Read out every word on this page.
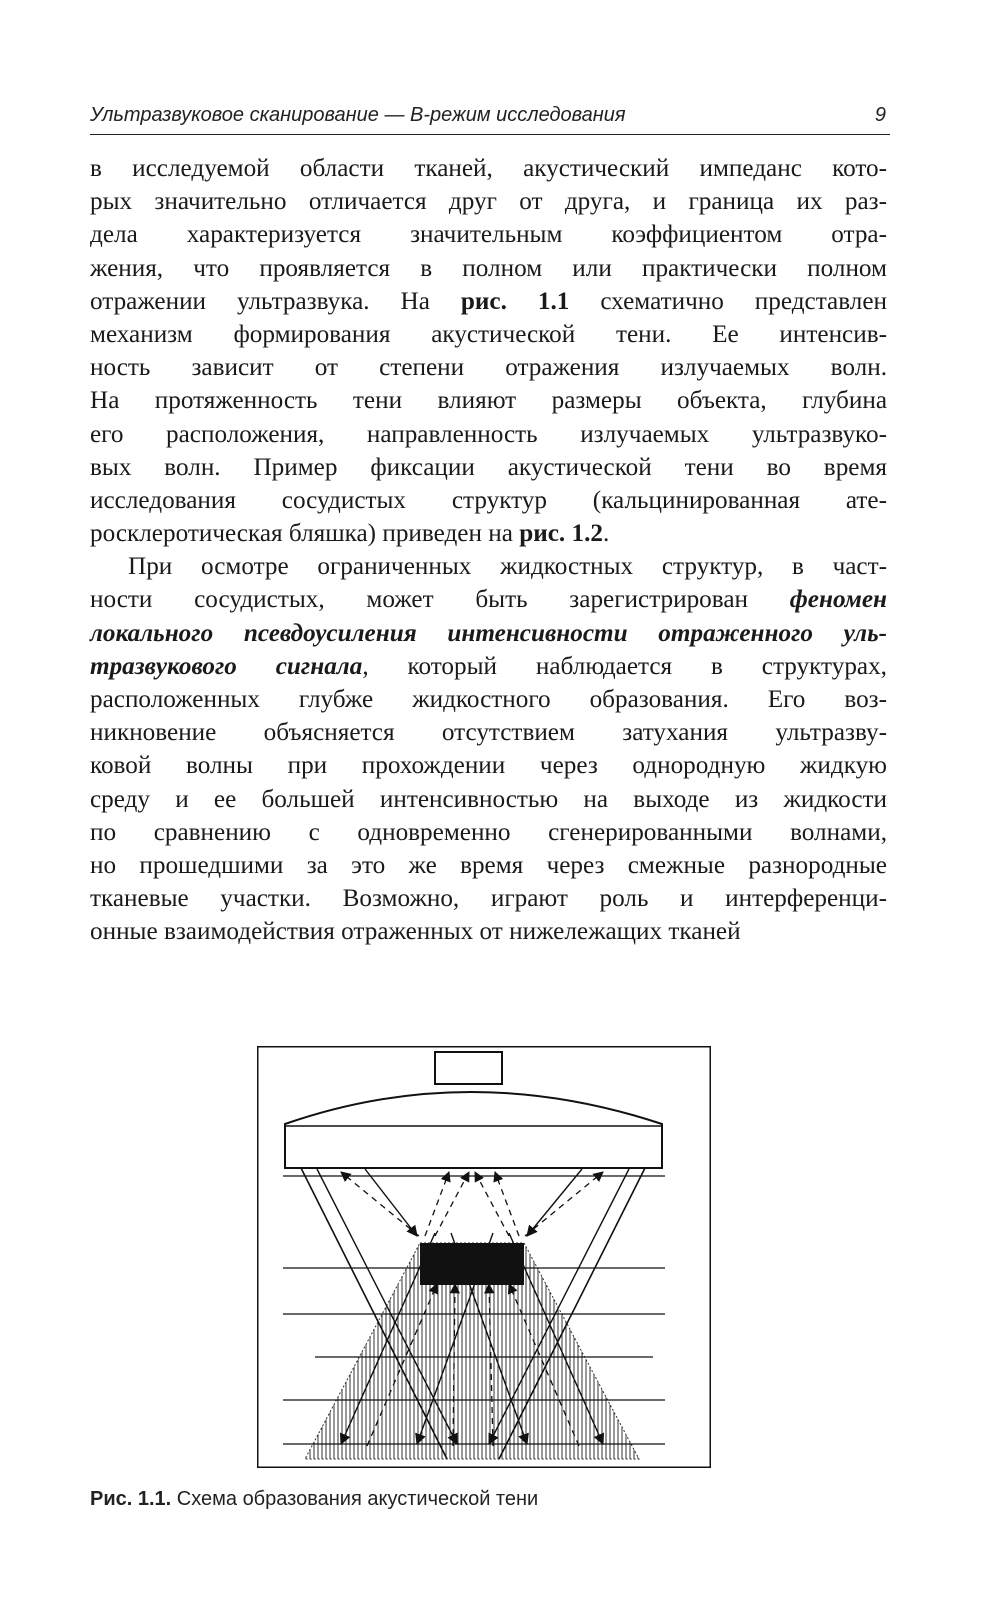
Ультразвуковое сканирование — В-режим исследования	9
в исследуемой области тканей, акустический импеданс кото-
рых значительно отличается друг от друга, и граница их раз-
дела характеризуется значительным коэффициентом отра-
жения, что проявляется в полном или практически полном
отражении ультразвука. На рис. 1.1 схематично представлен
механизм формирования акустической тени. Ее интенсив-
ность зависит от степени отражения излучаемых волн.
На протяженность тени влияют размеры объекта, глубина
его расположения, направленность излучаемых ультразвуко-
вых волн. Пример фиксации акустической тени во время
исследования сосудистых структур (кальцинированная ате-
росклеротическая бляшка) приведен на рис. 1.2.
При осмотре ограниченных жидкостных структур, в част-
ности сосудистых, может быть зарегистрирован феномен
локального псевдоусиления интенсивности отраженного уль-
тразвукового сигнала, который наблюдается в структурах,
расположенных глубже жидкостного образования. Его воз-
никновение объясняется отсутствием затухания ультразву-
ковой волны при прохождении через однородную жидкую
среду и ее большей интенсивностью на выходе из жидкости
по сравнению с одновременно сгенерированными волнами,
но прошедшими за это же время через смежные разнородные
тканевые участки. Возможно, играют роль и интерференци-
онные взаимодействия отраженных от нижележащих тканей
Рис. 1.1. Схема образования акустической тени
